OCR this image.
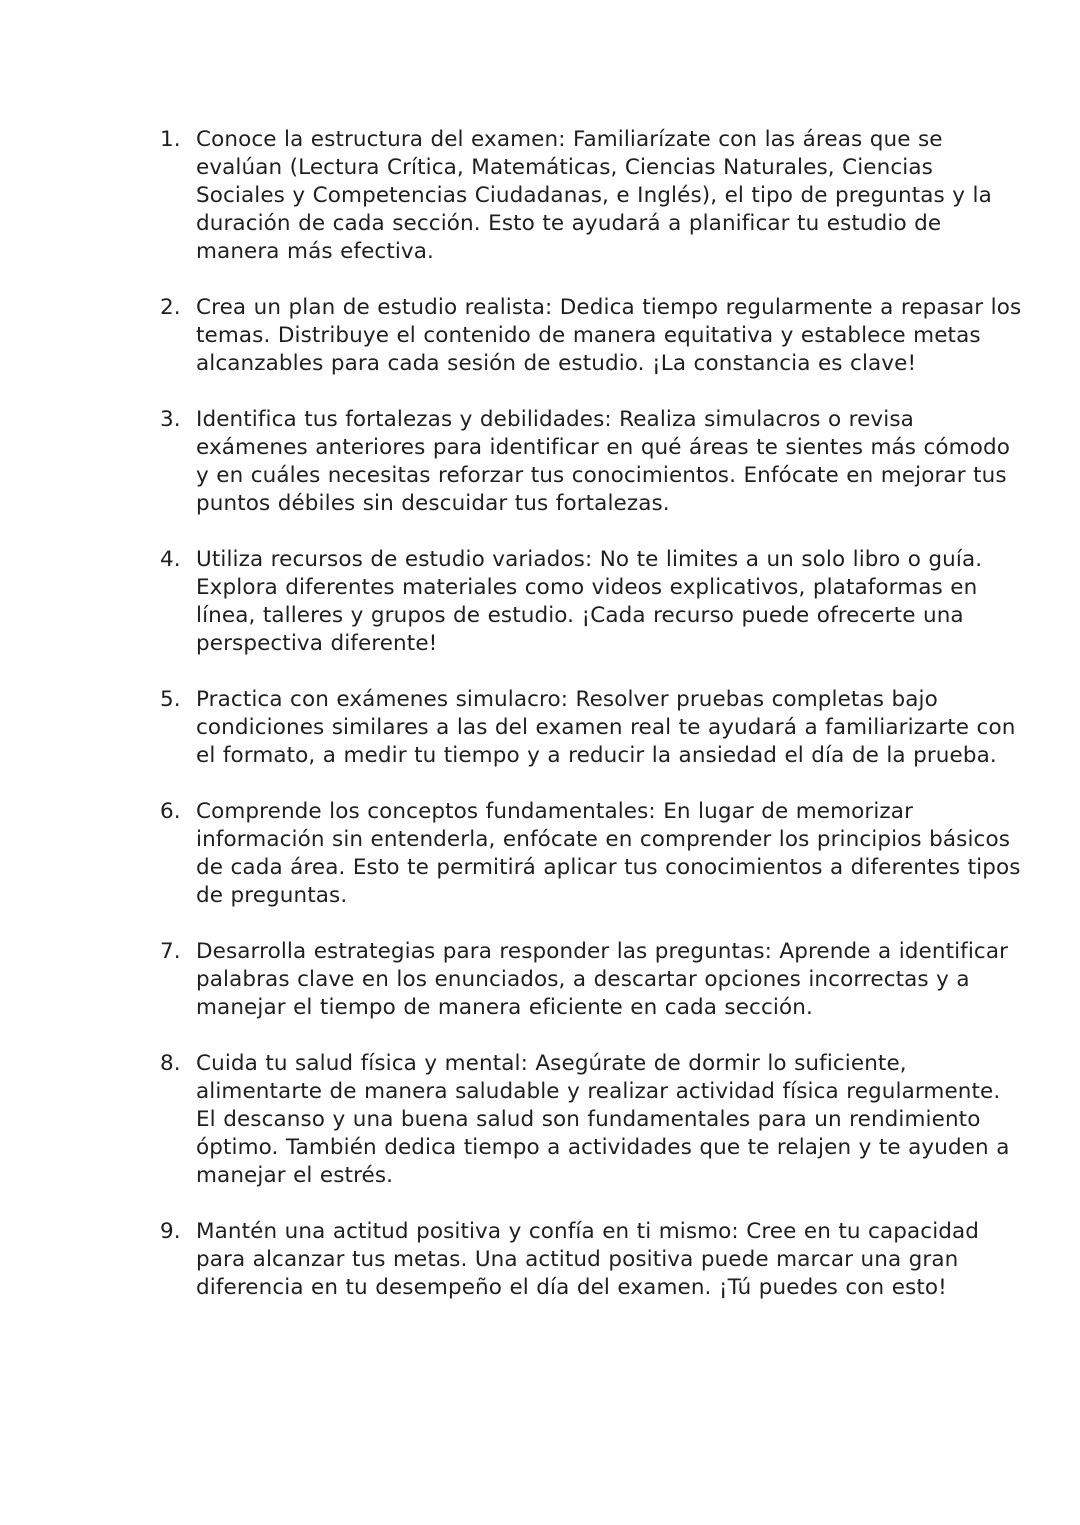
1. Conoce la estructura del examen: Familiarízate con las áreas que se evalúan (Lectura Crítica, Matemáticas, Ciencias Naturales, Ciencias Sociales y Competencias Ciudadanas, e Inglés), el tipo de preguntas y la duración de cada sección. Esto te ayudará a planificar tu estudio de manera más efectiva.
2. Crea un plan de estudio realista: Dedica tiempo regularmente a repasar los temas. Distribuye el contenido de manera equitativa y establece metas alcanzables para cada sesión de estudio. ¡La constancia es clave!
3. Identifica tus fortalezas y debilidades: Realiza simulacros o revisa exámenes anteriores para identificar en qué áreas te sientes más cómodo y en cuáles necesitas reforzar tus conocimientos. Enfócate en mejorar tus puntos débiles sin descuidar tus fortalezas.
4. Utiliza recursos de estudio variados: No te limites a un solo libro o guía. Explora diferentes materiales como videos explicativos, plataformas en línea, talleres y grupos de estudio. ¡Cada recurso puede ofrecerte una perspectiva diferente!
5. Practica con exámenes simulacro: Resolver pruebas completas bajo condiciones similares a las del examen real te ayudará a familiarizarte con el formato, a medir tu tiempo y a reducir la ansiedad el día de la prueba.
6. Comprende los conceptos fundamentales: En lugar de memorizar información sin entenderla, enfócate en comprender los principios básicos de cada área. Esto te permitirá aplicar tus conocimientos a diferentes tipos de preguntas.
7. Desarrolla estrategias para responder las preguntas: Aprende a identificar palabras clave en los enunciados, a descartar opciones incorrectas y a manejar el tiempo de manera eficiente en cada sección.
8. Cuida tu salud física y mental: Asegúrate de dormir lo suficiente, alimentarte de manera saludable y realizar actividad física regularmente. El descanso y una buena salud son fundamentales para un rendimiento óptimo. También dedica tiempo a actividades que te relajen y te ayuden a manejar el estrés.
9. Mantén una actitud positiva y confía en ti mismo: Cree en tu capacidad para alcanzar tus metas. Una actitud positiva puede marcar una gran diferencia en tu desempeño el día del examen. ¡Tú puedes con esto!
